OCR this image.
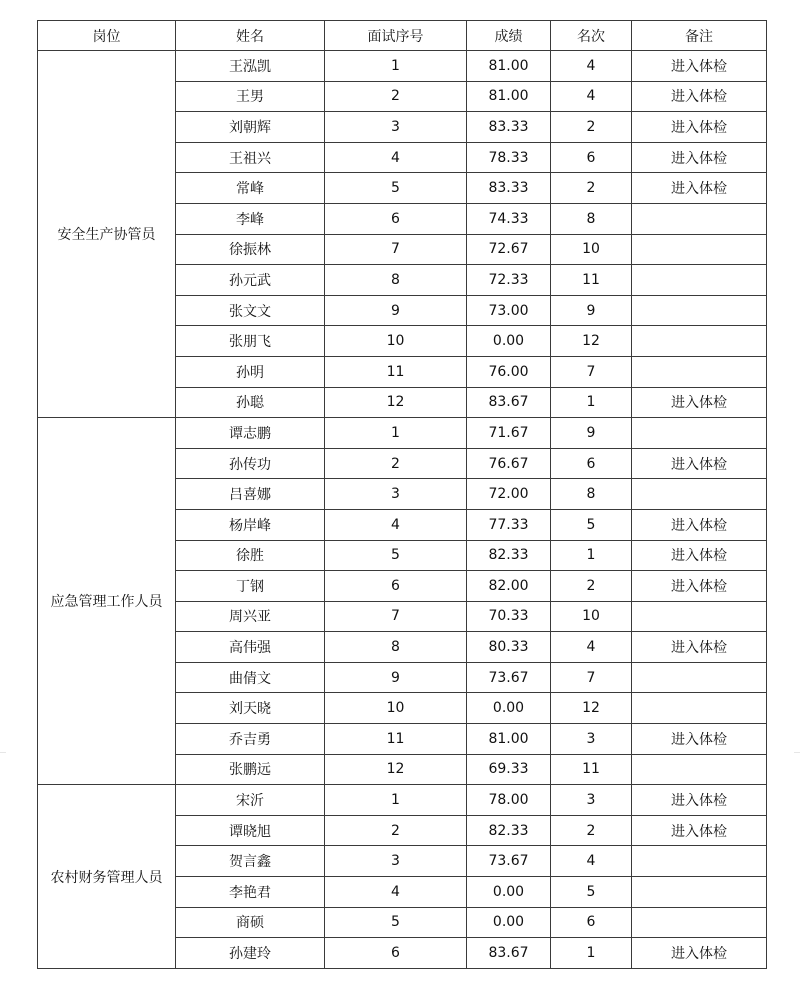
岗位	姓名	面试序号	成绩	名次	备注
安全生产协管员	王泓凯	1	81.00	4	进入体检
	王男	2	81.00	4	进入体检
	刘朝辉	3	83.33	2	进入体检
	王祖兴	4	78.33	6	进入体检
	常峰	5	83.33	2	进入体检
	李峰	6	74.33	8	
	徐振林	7	72.67	10	
	孙元武	8	72.33	11	
	张文文	9	73.00	9	
	张朋飞	10	0.00	12	
	孙明	11	76.00	7	
	孙聪	12	83.67	1	进入体检
应急管理工作人员	谭志鹏	1	71.67	9	
	孙传功	2	76.67	6	进入体检
	吕喜娜	3	72.00	8	
	杨岸峰	4	77.33	5	进入体检
	徐胜	5	82.33	1	进入体检
	丁钢	6	82.00	2	进入体检
	周兴亚	7	70.33	10	
	高伟强	8	80.33	4	进入体检
	曲倩文	9	73.67	7	
	刘天晓	10	0.00	12	
	乔吉勇	11	81.00	3	进入体检
	张鹏远	12	69.33	11	
农村财务管理人员	宋沂	1	78.00	3	进入体检
	谭晓旭	2	82.33	2	进入体检
	贺言鑫	3	73.67	4	
	李艳君	4	0.00	5	
	商硕	5	0.00	6	
	孙建玲	6	83.67	1	进入体检
